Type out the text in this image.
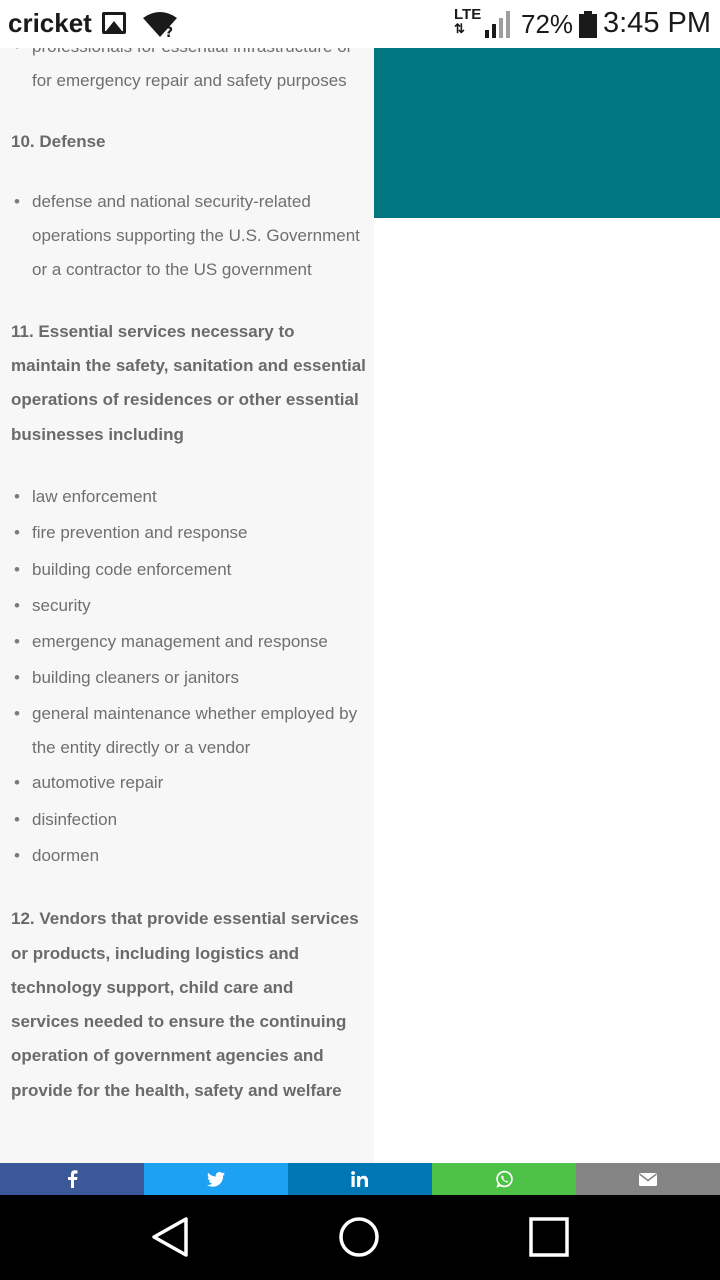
• for emergency repair and safety purposes
10. Defense
• defense and national security-related operations supporting the U.S. Government or a contractor to the US government
11. Essential services necessary to maintain the safety, sanitation and essential operations of residences or other essential businesses including
• law enforcement
• fire prevention and response
• building code enforcement
• security
• emergency management and response
• building cleaners or janitors
• general maintenance whether employed by the entity directly or a vendor
• automotive repair
• disinfection
• doormen
12. Vendors that provide essential services or products, including logistics and technology support, child care and services needed to ensure the continuing operation of government agencies and provide for the health, safety and welfare
cricket	?
LTE
⇅	72% 3:45 PM
